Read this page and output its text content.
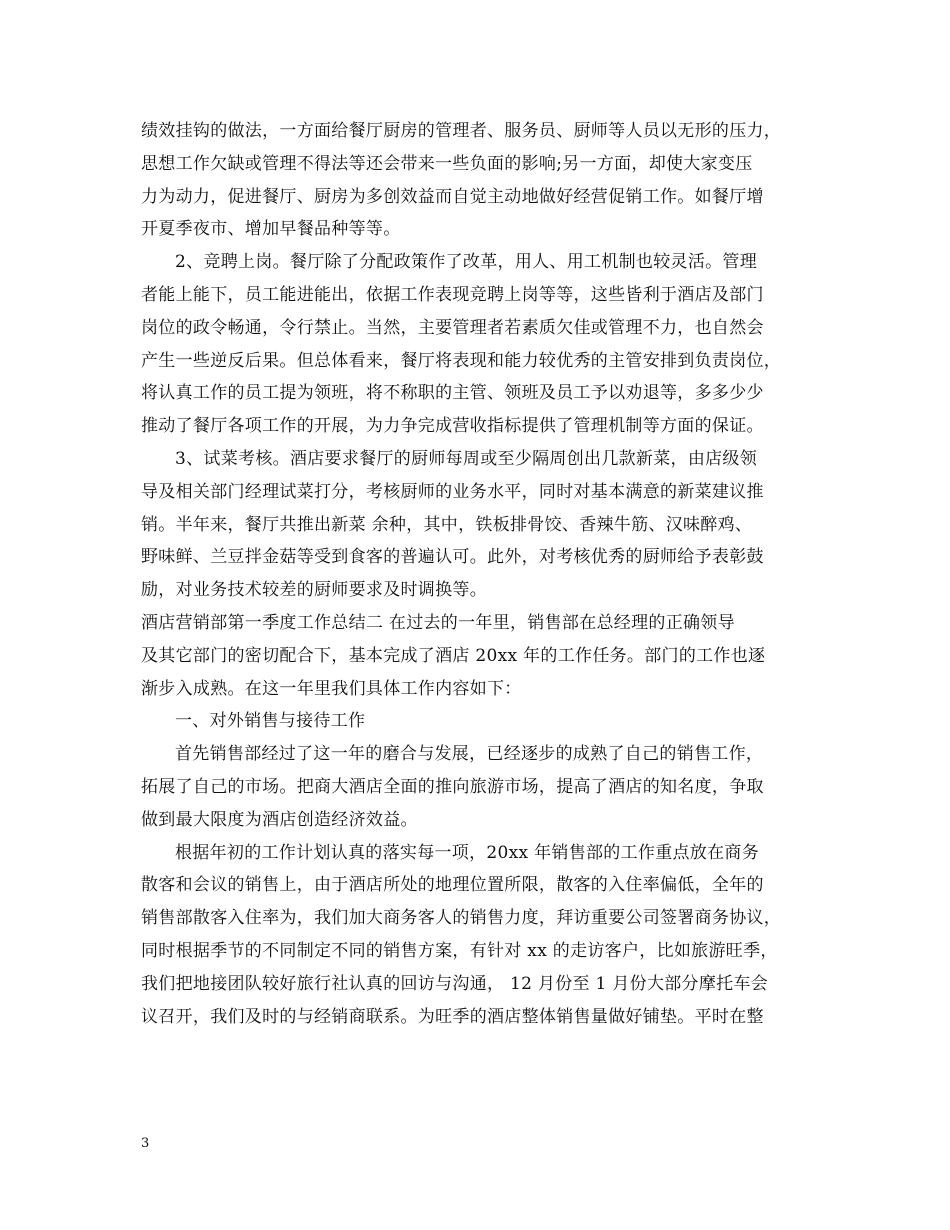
绩效挂钩的做法，一方面给餐厅厨房的管理者、服务员、厨师等人员以无形的压力，
思想工作欠缺或管理不得法等还会带来一些负面的影响;另一方面，却使大家变压
力为动力，促进餐厅、厨房为多创效益而自觉主动地做好经营促销工作。如餐厅增
开夏季夜市、增加早餐品种等等。
2、竞聘上岗。餐厅除了分配政策作了改革，用人、用工机制也较灵活。管理
者能上能下，员工能进能出，依据工作表现竞聘上岗等等，这些皆利于酒店及部门
岗位的政令畅通，令行禁止。当然，主要管理者若素质欠佳或管理不力，也自然会
产生一些逆反后果。但总体看来，餐厅将表现和能力较优秀的主管安排到负责岗位，
将认真工作的员工提为领班，将不称职的主管、领班及员工予以劝退等，多多少少
推动了餐厅各项工作的开展，为力争完成营收指标提供了管理机制等方面的保证。
3、试菜考核。酒店要求餐厅的厨师每周或至少隔周创出几款新菜，由店级领
导及相关部门经理试菜打分，考核厨师的业务水平，同时对基本满意的新菜建议推
销。半年来，餐厅共推出新菜 余种，其中，铁板排骨饺、香辣牛筋、汉味醉鸡、
野味鲜、兰豆拌金菇等受到食客的普遍认可。此外，对考核优秀的厨师给予表彰鼓
励，对业务技术较差的厨师要求及时调换等。
酒店营销部第一季度工作总结二 在过去的一年里，销售部在总经理的正确领导
及其它部门的密切配合下，基本完成了酒店 20xx 年的工作任务。部门的工作也逐
渐步入成熟。在这一年里我们具体工作内容如下：
一、对外销售与接待工作
首先销售部经过了这一年的磨合与发展，已经逐步的成熟了自己的销售工作，
拓展了自己的市场。把商大酒店全面的推向旅游市场，提高了酒店的知名度，争取
做到最大限度为酒店创造经济效益。
根据年初的工作计划认真的落实每一项，20xx 年销售部的工作重点放在商务
散客和会议的销售上，由于酒店所处的地理位置所限，散客的入住率偏低，全年的
销售部散客入住率为，我们加大商务客人的销售力度，拜访重要公司签署商务协议，
同时根据季节的不同制定不同的销售方案，有针对 xx 的走访客户，比如旅游旺季，
我们把地接团队较好旅行社认真的回访与沟通， 12 月份至 1 月份大部分摩托车会
议召开，我们及时的与经销商联系。为旺季的酒店整体销售量做好铺垫。平时在整
3
